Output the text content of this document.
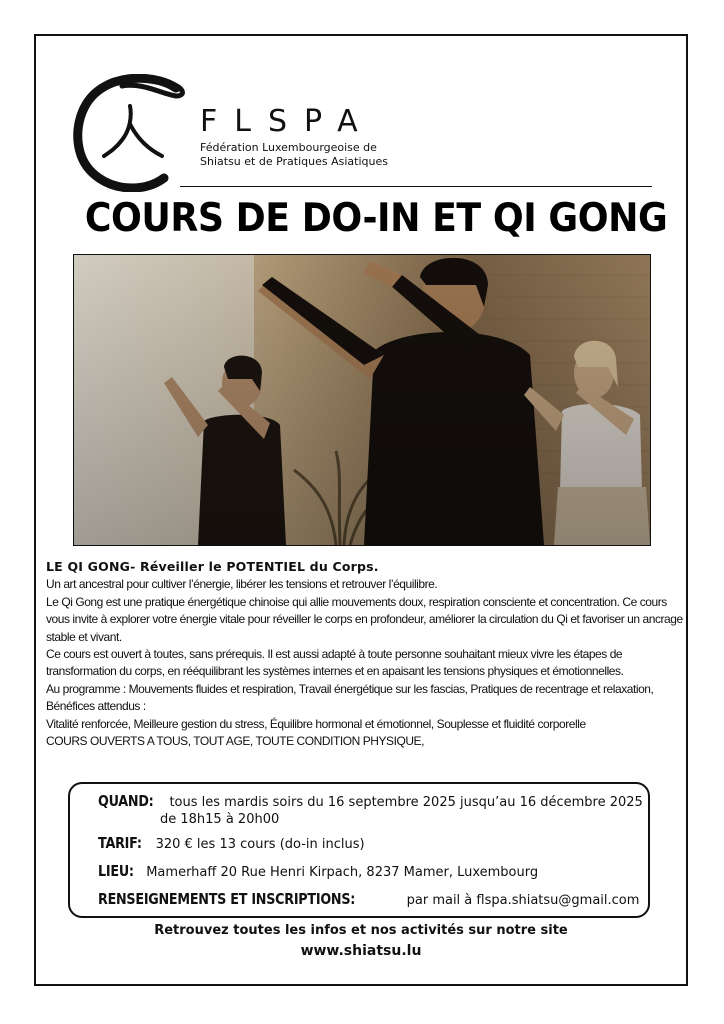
FLSPA
Fédération Luxembourgeoise de
Shiatsu et de Pratiques Asiatiques
COURS DE DO-IN ET QI GONG
LE QI GONG- Réveiller le POTENTIEL du Corps.

Un art ancestral pour cultiver l’énergie, libérer les tensions et retrouver l’équilibre.

Le Qi Gong est une pratique énergétique chinoise qui allie mouvements doux, respiration consciente et concentration. Ce cours vous invite à explorer votre énergie vitale pour réveiller le corps en profondeur, améliorer la circulation du Qi et favoriser un ancrage stable et vivant.

Ce cours est ouvert à toutes, sans prérequis. Il est aussi adapté à toute personne souhaitant mieux vivre les étapes de transformation du corps, en rééquilibrant les systèmes internes et en apaisant les tensions physiques et émotionnelles.

Au programme : Mouvements fluides et respiration, Travail énergétique sur les fascias, Pratiques de recentrage et relaxation,

Bénéfices attendus :

Vitalité renforcée, Meilleure gestion du stress, Équilibre hormonal et émotionnel, Souplesse et fluidité corporelle

COURS OUVERTS A TOUS, TOUT AGE, TOUTE CONDITION PHYSIQUE,

QUAND: tous les mardis soirs du 16 septembre 2025 jusqu’au 16 décembre 2025
de 18h15 à 20h00
TARIF: 320 € les 13 cours (do-in inclus)
LIEU: Mamerhaff 20 Rue Henri Kirpach, 8237 Mamer, Luxembourg
RENSEIGNEMENTS ET INSCRIPTIONS:	par mail à flspa.shiatsu@gmail.com
Retrouvez toutes les infos et nos activités sur notre site
www.shiatsu.lu
